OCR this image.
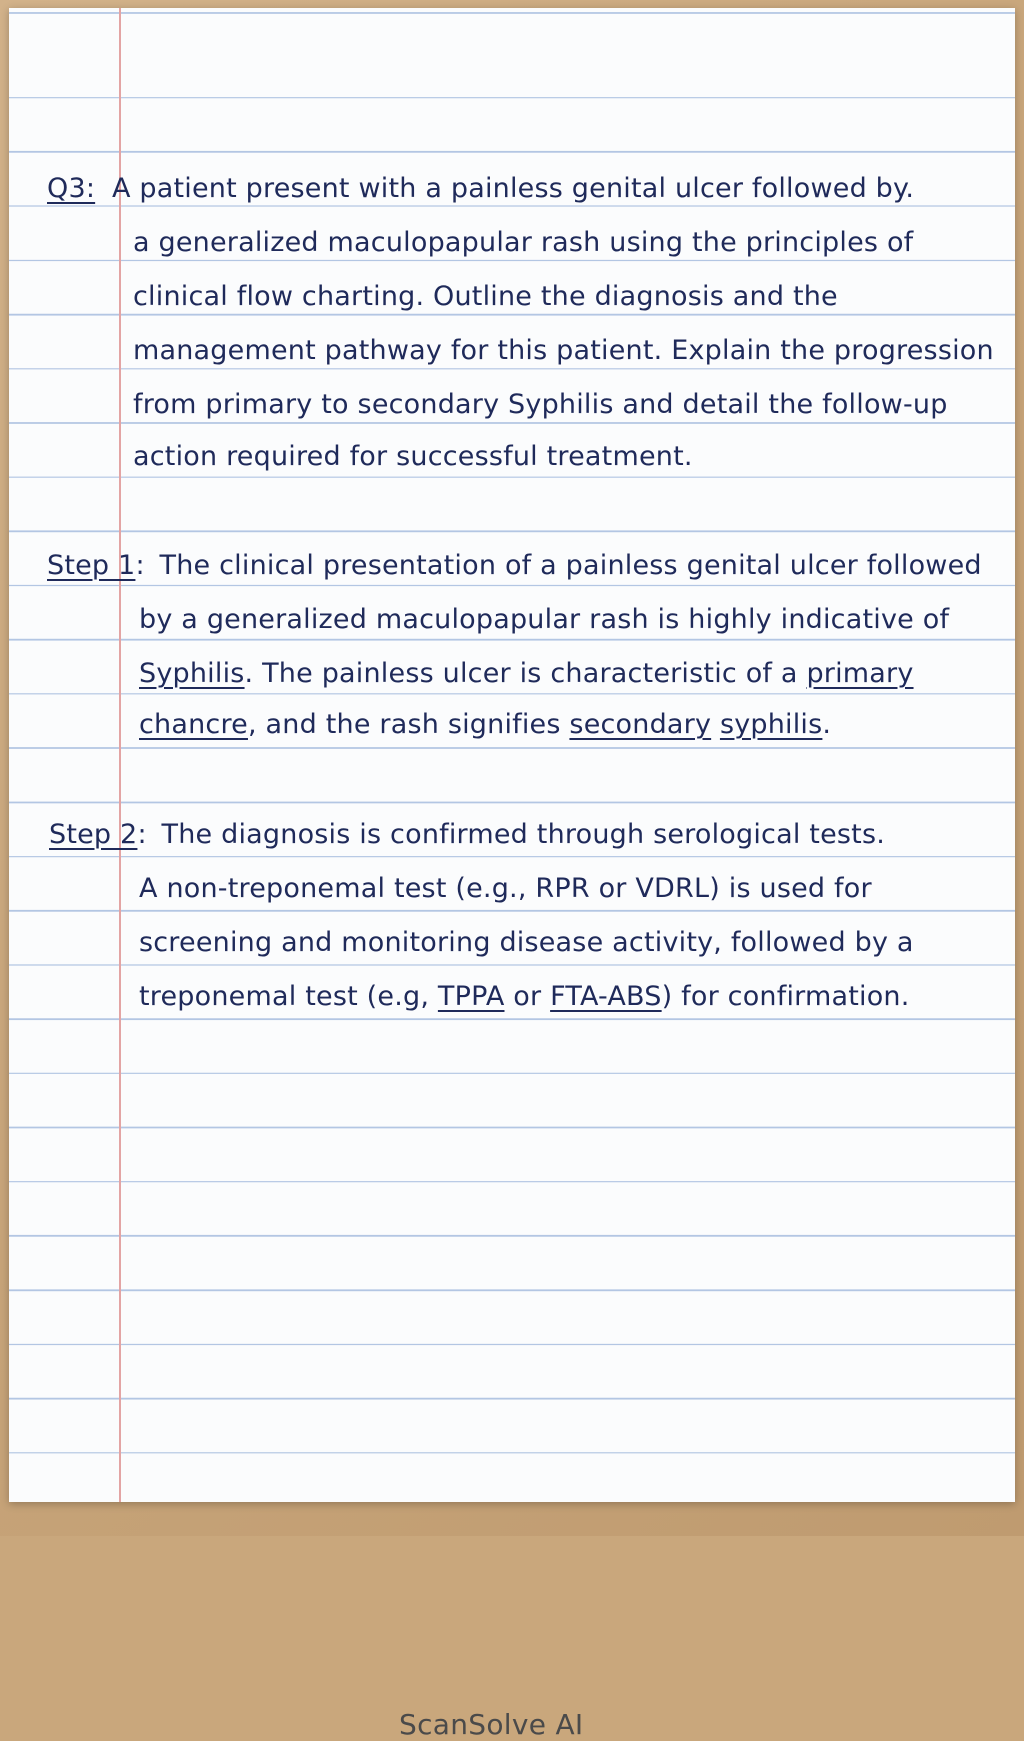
Q3: A patient present with a painless genital ulcer followed by.
a generalized maculopapular rash using the principles of
clinical flow charting. Outline the diagnosis and the
management pathway for this patient. Explain the progression
from primary to secondary Syphilis and detail the follow-up
action required for successful treatment.
Step 1: The clinical presentation of a painless genital ulcer followed
by a generalized maculopapular rash is highly indicative of
Syphilis. The painless ulcer is characteristic of a primary
chancre, and the rash signifies secondary syphilis.
Step 2: The diagnosis is confirmed through serological tests.
A non-treponemal test (e.g., RPR or VDRL) is used for
screening and monitoring disease activity, followed by a
treponemal test (e.g, TPPA or FTA-ABS) for confirmation.
ScanSolve AI
